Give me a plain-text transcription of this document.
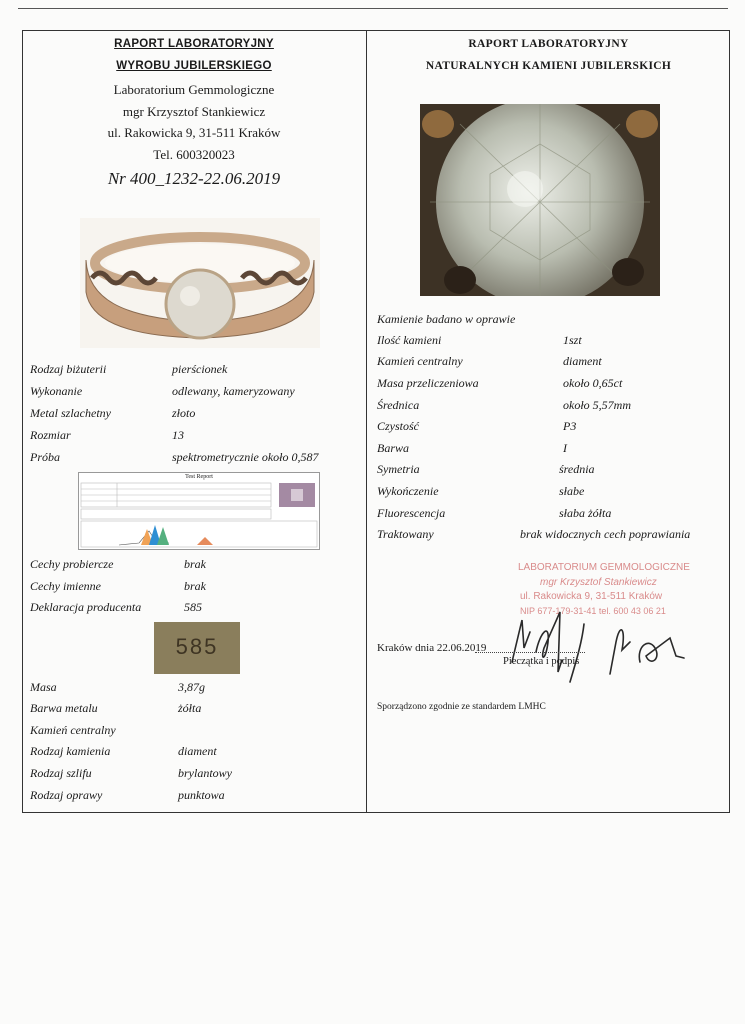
RAPORT LABORATORYJNY
WYROBU JUBILERSKIEGO
Laboratorium Gemmologiczne
mgr Krzysztof Stankiewicz
ul. Rakowicka 9, 31-511 Kraków
Tel. 600320023
Nr 400_1232-22.06.2019
Rodzaj biżuterii	pierścionek
Wykonanie	odlewany, kameryzowany
Metal szlachetny	złoto
Rozmiar	13
Próba	spektrometrycznie około 0,587
Test Report
Cechy probiercze	brak
Cechy imienne	brak
Deklaracja producenta	585
585
Masa	3,87g
Barwa metalu	żółta
Kamień centralny
Rodzaj kamienia	diament
Rodzaj szlifu	brylantowy
Rodzaj oprawy	punktowa
RAPORT LABORATORYJNY
NATURALNYCH KAMIENI JUBILERSKICH
Kamienie badano w oprawie
Ilość kamieni	1szt
Kamień centralny	diament
Masa przeliczeniowa	około 0,65ct
Średnica	około 5,57mm
Czystość	P3
Barwa	I
Symetria	średnia
Wykończenie	słabe
Fluorescencja	słaba żółta
Traktowany	brak widocznych cech poprawiania
LABORATORIUM GEMMOLOGICZNE
mgr Krzysztof Stankiewicz
ul. Rakowicka 9, 31-511 Kraków
NIP 677-179-31-41 tel. 600 43 06 21
Kraków dnia 22.06.2019
Pieczątka i podpis
Sporządzono zgodnie ze standardem LMHC
